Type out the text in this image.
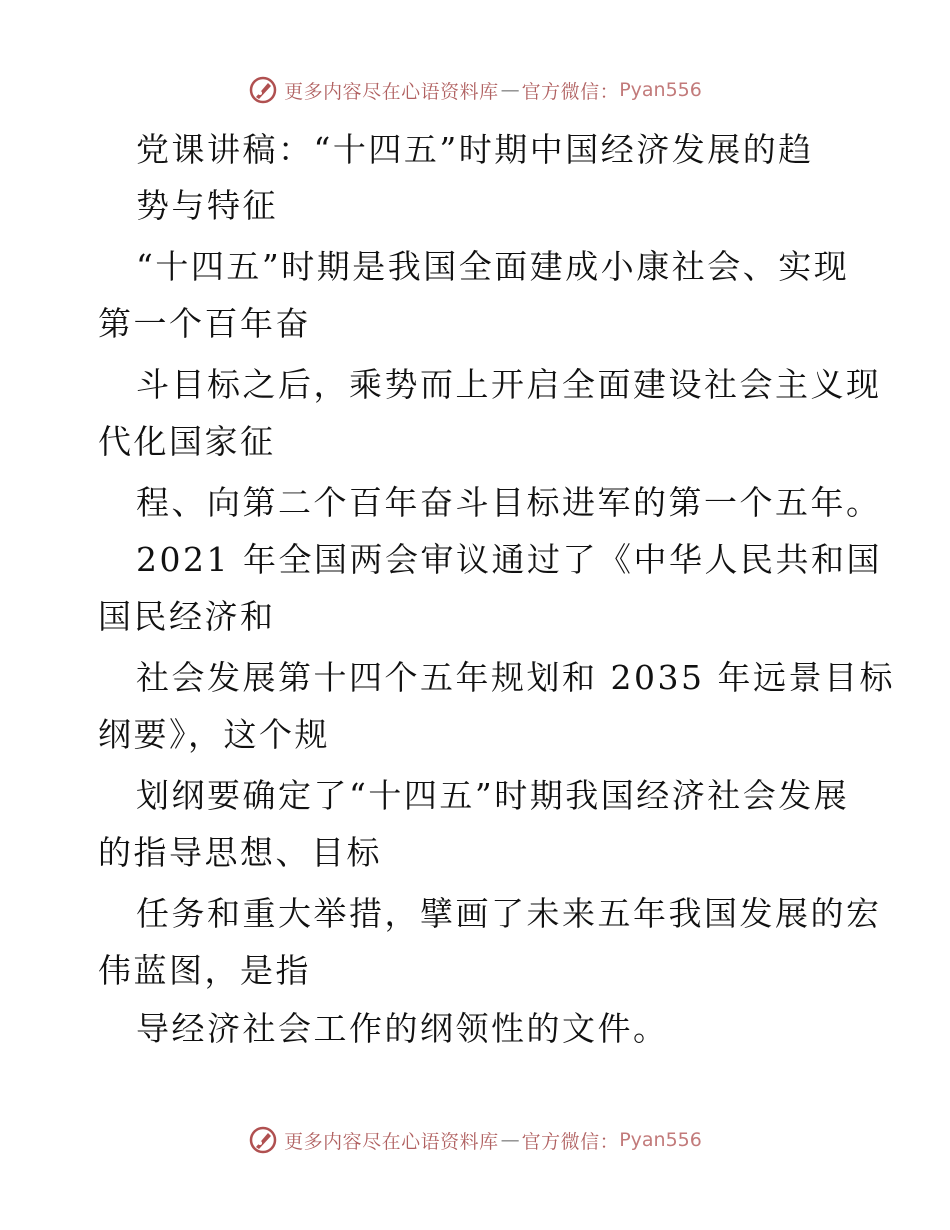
更多内容尽在心语资料库 — 官方微信： Pyan556
党课讲稿：“十四五”时期中国经济发展的趋
势与特征
“十四五”时期是我国全面建成小康社会、实现
第一个百年奋
斗目标之后，乘势而上开启全面建设社会主义现
代化国家征
程、向第二个百年奋斗目标进军的第一个五年。
2021 年全国两会审议通过了《中华人民共和国
国民经济和
社会发展第十四个五年规划和 2035 年远景目标
纲要》，这个规
划纲要确定了“十四五”时期我国经济社会发展
的指导思想、目标
任务和重大举措，擘画了未来五年我国发展的宏
伟蓝图，是指
导经济社会工作的纲领性的文件。
更多内容尽在心语资料库 — 官方微信： Pyan556
